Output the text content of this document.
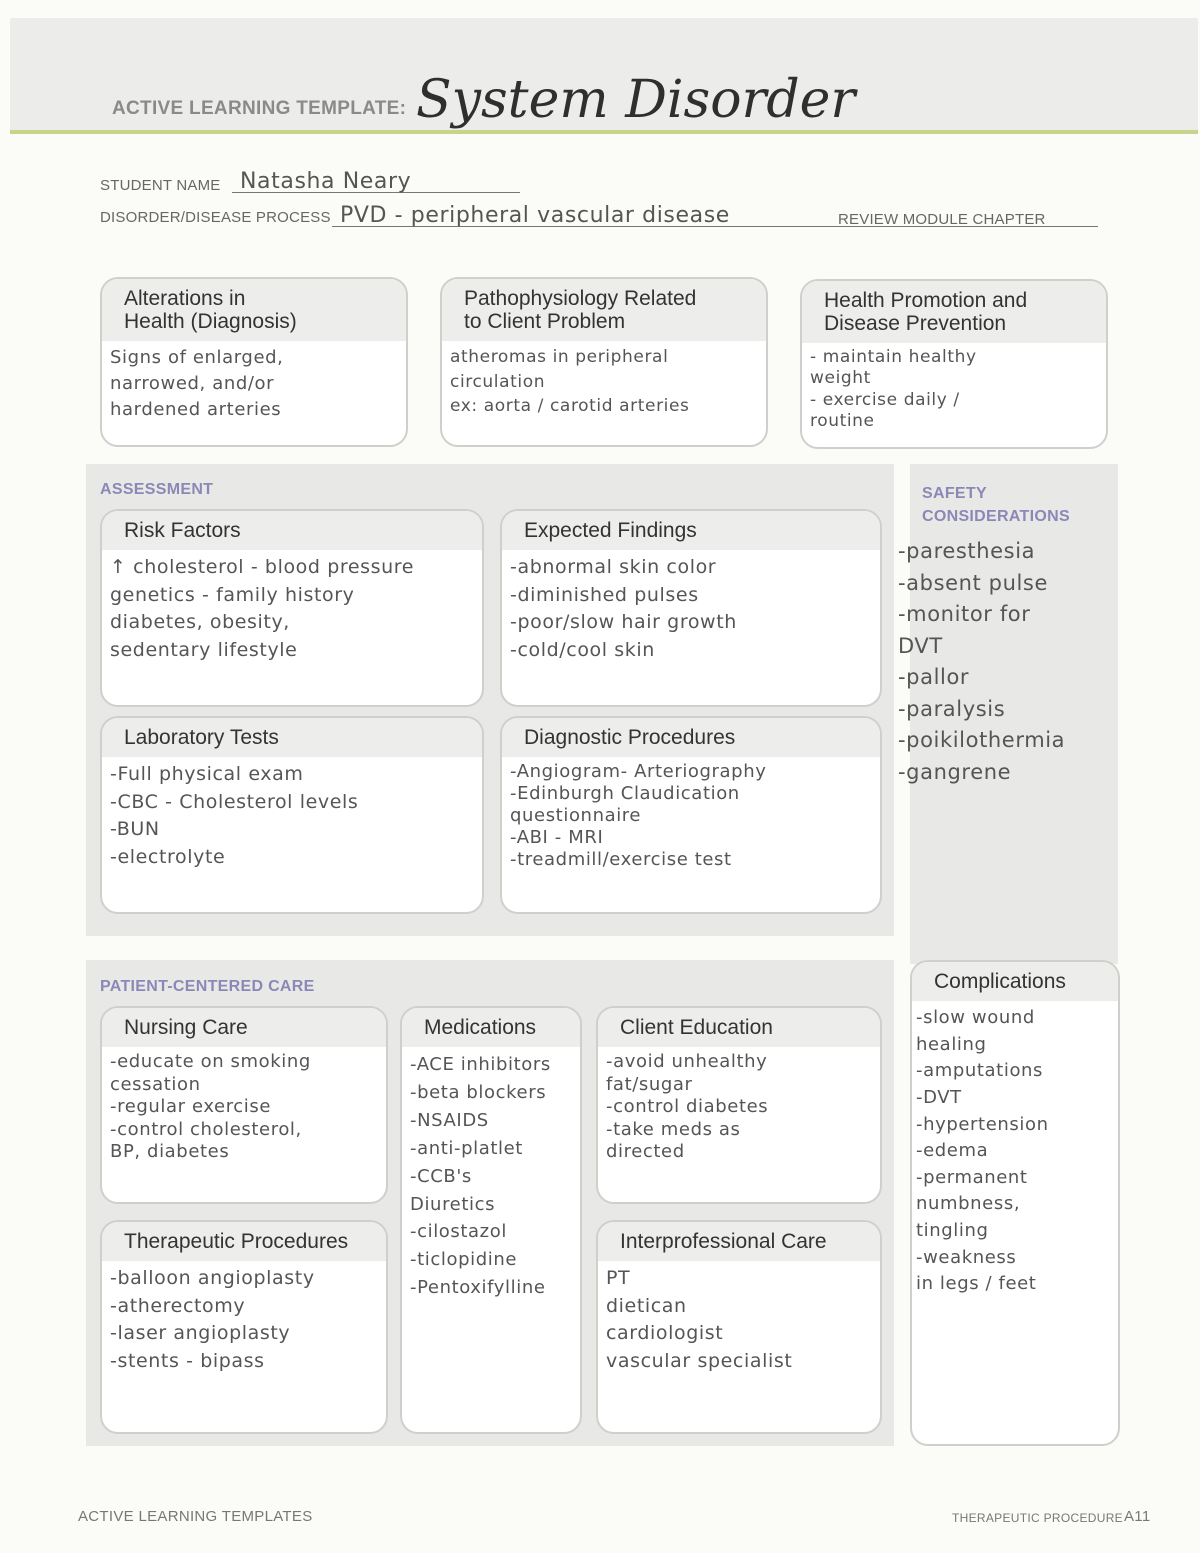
ACTIVE LEARNING TEMPLATE: System Disorder
STUDENT NAME Natasha Neary
DISORDER/DISEASE PROCESS PVD - peripheral vascular disease	REVIEW MODULE CHAPTER
Alterations in
Health (Diagnosis)
Signs of enlarged,
narrowed, and/or
hardened arteries
Pathophysiology Related
to Client Problem
atheromas in peripheral
circulation
ex: aorta / carotid arteries
Health Promotion and
Disease Prevention
- maintain healthy
weight
- exercise daily /
routine
ASSESSMENT
Risk Factors
↑ cholesterol - blood pressure
genetics - family history
diabetes, obesity,
sedentary lifestyle
Expected Findings
-abnormal skin color
-diminished pulses
-poor/slow hair growth
-cold/cool skin
Laboratory Tests
-Full physical exam
-CBC - Cholesterol levels
-BUN
-electrolyte
Diagnostic Procedures
-Angiogram- Arteriography
-Edinburgh Claudication
questionnaire
-ABI - MRI
-treadmill/exercise test
SAFETY
CONSIDERATIONS
-paresthesia
-absent pulse
-monitor for
DVT
-pallor
-paralysis
-poikilothermia
-gangrene
PATIENT-CENTERED CARE
Nursing Care
-educate on smoking
cessation
-regular exercise
-control cholesterol,
BP, diabetes
Medications
-ACE inhibitors
-beta blockers
-NSAIDS
-anti-platlet
-CCB's
Diuretics
-cilostazol
-ticlopidine
-Pentoxifylline
Client Education
-avoid unhealthy
fat/sugar
-control diabetes
-take meds as
directed
Therapeutic Procedures
-balloon angioplasty
-atherectomy
-laser angioplasty
-stents - bipass
Interprofessional Care
PT
dietican
cardiologist
vascular specialist
Complications
-slow wound
healing
-amputations
-DVT
-hypertension
-edema
-permanent
numbness,
tingling
-weakness
in legs / feet
ACTIVE LEARNING TEMPLATES	THERAPEUTIC PROCEDURE A11
